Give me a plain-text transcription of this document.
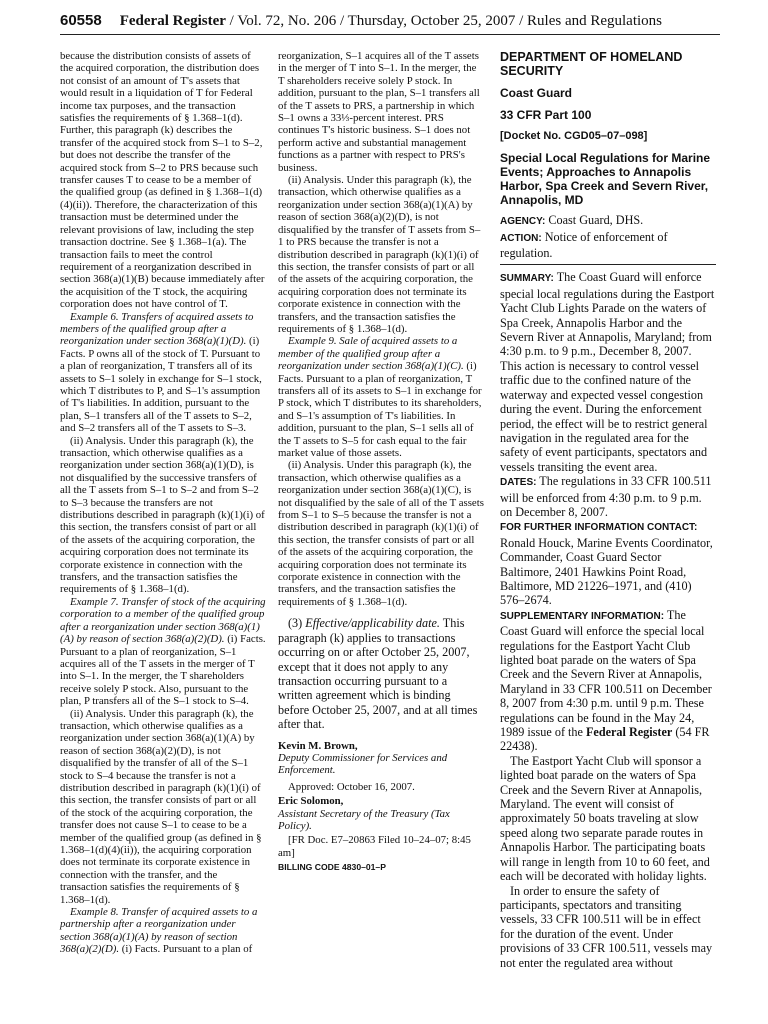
60558 Federal Register / Vol. 72, No. 206 / Thursday, October 25, 2007 / Rules and Regulations

because the distribution consists of assets of the acquired corporation, the distribution does not consist of an amount of T's assets that would result in a liquidation of T for Federal income tax purposes, and the transaction satisfies the requirements of § 1.368–1(d). Further, this paragraph (k) describes the transfer of the acquired stock from S–1 to S–2, but does not describe the transfer of the acquired stock from S–2 to PRS because such transfer causes T to cease to be a member of the qualified group (as defined in § 1.368–1(d)(4)(ii)). Therefore, the characterization of this transaction must be determined under the relevant provisions of law, including the step transaction doctrine. See § 1.368–1(a). The transaction fails to meet the control requirement of a reorganization described in section 368(a)(1)(B) because immediately after the acquisition of the T stock, the acquiring corporation does not have control of T.

Example 6. Transfers of acquired assets to members of the qualified group after a reorganization under section 368(a)(1)(D). (i) Facts. P owns all of the stock of T. Pursuant to a plan of reorganization, T transfers all of its assets to S–1 solely in exchange for S–1 stock, which T distributes to P, and S–1's assumption of T's liabilities. In addition, pursuant to the plan, S–1 transfers all of the T assets to S–2, and S–2 transfers all of the T assets to S–3.

(ii) Analysis. Under this paragraph (k), the transaction, which otherwise qualifies as a reorganization under section 368(a)(1)(D), is not disqualified by the successive transfers of all the T assets from S–1 to S–2 and from S–2 to S–3 because the transfers are not distributions described in paragraph (k)(1)(i) of this section, the transfers consist of part or all of the assets of the acquiring corporation, the acquiring corporation does not terminate its corporate existence in connection with the transfers, and the transaction satisfies the requirements of § 1.368–1(d).

Example 7. Transfer of stock of the acquiring corporation to a member of the qualified group after a reorganization under section 368(a)(1)(A) by reason of section 368(a)(2)(D). (i) Facts. Pursuant to a plan of reorganization, S–1 acquires all of the T assets in the merger of T into S–1. In the merger, the T shareholders receive solely P stock. Also, pursuant to the plan, P transfers all of the S–1 stock to S–4.

(ii) Analysis. Under this paragraph (k), the transaction, which otherwise qualifies as a reorganization under section 368(a)(1)(A) by reason of section 368(a)(2)(D), is not disqualified by the transfer of all of the S–1 stock to S–4 because the transfer is not a distribution described in paragraph (k)(1)(i) of this section, the transfer consists of part or all of the stock of the acquiring corporation, the transfer does not cause S–1 to cease to be a member of the qualified group (as defined in § 1.368–1(d)(4)(ii)), the acquiring corporation does not terminate its corporate existence in connection with the transfer, and the transaction satisfies the requirements of § 1.368–1(d).

Example 8. Transfer of acquired assets to a partnership after a reorganization under section 368(a)(1)(A) by reason of section 368(a)(2)(D). (i) Facts. Pursuant to a plan of

reorganization, S–1 acquires all of the T assets in the merger of T into S–1. In the merger, the T shareholders receive solely P stock. In addition, pursuant to the plan, S–1 transfers all of the T assets to PRS, a partnership in which S–1 owns a 33⅓-percent interest. PRS continues T's historic business. S–1 does not perform active and substantial management functions as a partner with respect to PRS's business.

(ii) Analysis. Under this paragraph (k), the transaction, which otherwise qualifies as a reorganization under section 368(a)(1)(A) by reason of section 368(a)(2)(D), is not disqualified by the transfer of T assets from S–1 to PRS because the transfer is not a distribution described in paragraph (k)(1)(i) of this section, the transfer consists of part or all of the assets of the acquiring corporation, the acquiring corporation does not terminate its corporate existence in connection with the transfers, and the transaction satisfies the requirements of § 1.368–1(d).

Example 9. Sale of acquired assets to a member of the qualified group after a reorganization under section 368(a)(1)(C). (i) Facts. Pursuant to a plan of reorganization, T transfers all of its assets to S–1 in exchange for P stock, which T distributes to its shareholders, and S–1's assumption of T's liabilities. In addition, pursuant to the plan, S–1 sells all of the T assets to S–5 for cash equal to the fair market value of those assets.

(ii) Analysis. Under this paragraph (k), the transaction, which otherwise qualifies as a reorganization under section 368(a)(1)(C), is not disqualified by the sale of all of the T assets from S–1 to S–5 because the transfer is not a distribution described in paragraph (k)(1)(i) of this section, the transfer consists of part or all of the assets of the acquiring corporation, the acquiring corporation does not terminate its corporate existence in connection with the transfers, and the transaction satisfies the requirements of § 1.368–1(d).

(3) Effective/applicability date. This paragraph (k) applies to transactions occurring on or after October 25, 2007, except that it does not apply to any transaction occurring pursuant to a written agreement which is binding before October 25, 2007, and at all times after that.

Kevin M. Brown,

Deputy Commissioner for Services and Enforcement.

Approved: October 16, 2007.

Eric Solomon,

Assistant Secretary of the Treasury (Tax Policy).

[FR Doc. E7–20863 Filed 10–24–07; 8:45 am]

BILLING CODE 4830–01–P

DEPARTMENT OF HOMELAND SECURITY
Coast Guard
33 CFR Part 100
[Docket No. CGD05–07–098]
Special Local Regulations for Marine Events; Approaches to Annapolis Harbor, Spa Creek and Severn River, Annapolis, MD

AGENCY: Coast Guard, DHS.

ACTION: Notice of enforcement of regulation.

SUMMARY: The Coast Guard will enforce special local regulations during the Eastport Yacht Club Lights Parade on the waters of Spa Creek, Annapolis Harbor and the Severn River at Annapolis, Maryland; from 4:30 p.m. to 9 p.m., December 8, 2007. This action is necessary to control vessel traffic due to the confined nature of the waterway and expected vessel congestion during the event. During the enforcement period, the effect will be to restrict general navigation in the regulated area for the safety of event participants, spectators and vessels transiting the event area.

DATES: The regulations in 33 CFR 100.511 will be enforced from 4:30 p.m. to 9 p.m. on December 8, 2007.

FOR FURTHER INFORMATION CONTACT:
Ronald Houck, Marine Events Coordinator, Commander, Coast Guard Sector Baltimore, 2401 Hawkins Point Road, Baltimore, MD 21226–1971, and (410) 576–2674.

SUPPLEMENTARY INFORMATION: The Coast Guard will enforce the special local regulations for the Eastport Yacht Club lighted boat parade on the waters of Spa Creek and the Severn River at Annapolis, Maryland in 33 CFR 100.511 on December 8, 2007 from 4:30 p.m. until 9 p.m. These regulations can be found in the May 24, 1989 issue of the Federal Register (54 FR 22438).

The Eastport Yacht Club will sponsor a lighted boat parade on the waters of Spa Creek and the Severn River at Annapolis, Maryland. The event will consist of approximately 50 boats traveling at slow speed along two separate parade routes in Annapolis Harbor. The participating boats will range in length from 10 to 60 feet, and each will be decorated with holiday lights.

In order to ensure the safety of participants, spectators and transiting vessels, 33 CFR 100.511 will be in effect for the duration of the event. Under provisions of 33 CFR 100.511, vessels may not enter the regulated area without
